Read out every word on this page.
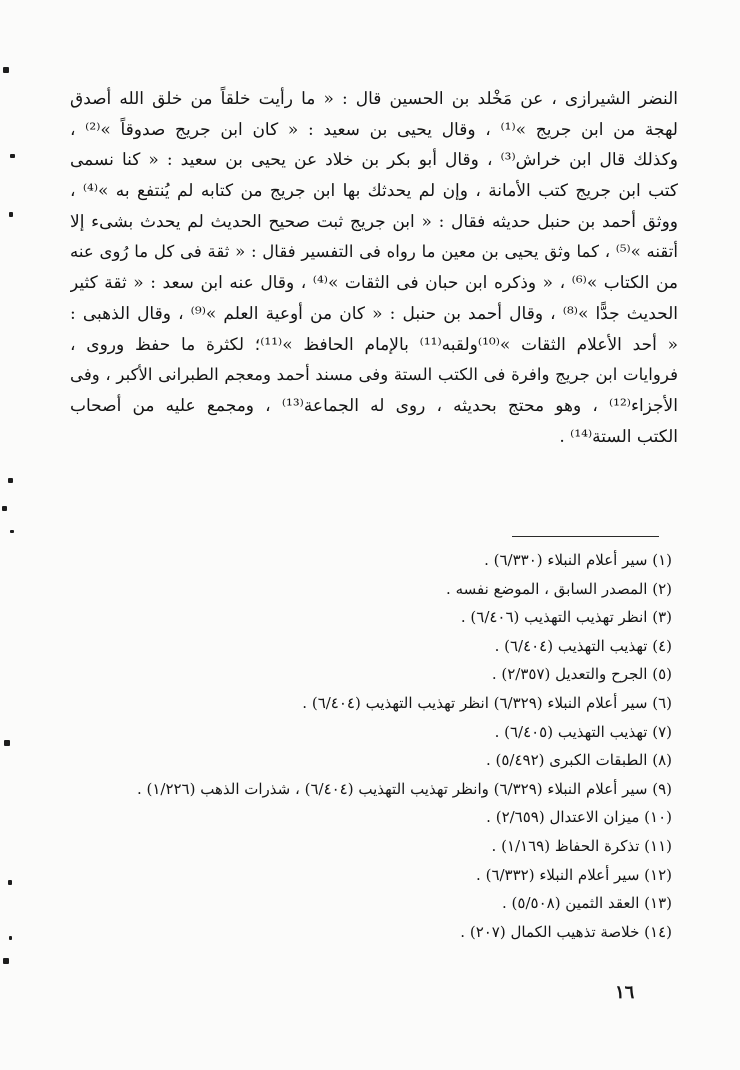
النضر الشيرازى ، عن مَخْلد بن الحسين قال : « ما رأيت خلقاً من خلق الله أصدق
لهجة من ابن جريج »⁽¹⁾ ، وقال يحيى بن سعيد : « كان ابن جريج صدوقاً »⁽²⁾ ،
وكذلك قال ابن خراش⁽³⁾ ، وقال أبو بكر بن خلاد عن يحيى بن سعيد : « كنا نسمى
كتب ابن جريج كتب الأمانة ، وإن لم يحدثك بها ابن جريج من كتابه لم يُنتفع به »⁽⁴⁾ ،
ووثق أحمد بن حنبل حديثه فقال : « ابن جريج ثبت صحيح الحديث لم يحدث بشىء إلا
أتقنه »⁽⁵⁾ ، كما وثق يحيى بن معين ما رواه فى التفسير فقال : « ثقة فى كل ما رُوى عنه
من الكتاب »⁽⁶⁾ ، « وذكره ابن حبان فى الثقات »⁽⁴⁾ ، وقال عنه ابن سعد : « ثقة كثير
الحديث جدًّا »⁽⁸⁾ ، وقال أحمد بن حنبل : « كان من أوعية العلم »⁽⁹⁾ ، وقال الذهبى :
« أحد الأعلام الثقات »⁽¹⁰⁾ولقبه⁽¹¹⁾ بالإمام الحافظ »⁽¹¹⁾؛ لكثرة ما حفظ وروى ،
فروايات ابن جريج وافرة فى الكتب الستة وفى مسند أحمد ومعجم الطبرانى الأكبر ، وفى
الأجزاء⁽¹²⁾ ، وهو محتج بحديثه ، روى له الجماعة⁽¹³⁾ ، ومجمع عليه من أصحاب
الكتب الستة⁽¹⁴⁾ .
(١) سير أعلام النبلاء (٦/٣٣٠) .
(٢) المصدر السابق ، الموضع نفسه .
(٣) انظر تهذيب التهذيب (٦/٤٠٦) .
(٤) تهذيب التهذيب (٦/٤٠٤) .
(٥) الجرح والتعديل (٢/٣٥٧) .
(٦) سير أعلام النبلاء (٦/٣٢٩) انظر تهذيب التهذيب (٦/٤٠٤) .
(٧) تهذيب التهذيب (٦/٤٠٥) .
(٨) الطبقات الكبرى (٥/٤٩٢) .
(٩) سير أعلام النبلاء (٦/٣٢٩) وانظر تهذيب التهذيب (٦/٤٠٤) ، شذرات الذهب (١/٢٢٦) .
(١٠) ميزان الاعتدال (٢/٦٥٩) .
(١١) تذكرة الحفاظ (١/١٦٩) .
(١٢) سير أعلام النبلاء (٦/٣٣٢) .
(١٣) العقد الثمين (٥/٥٠٨) .
(١٤) خلاصة تذهيب الكمال (٢٠٧) .
١٦
